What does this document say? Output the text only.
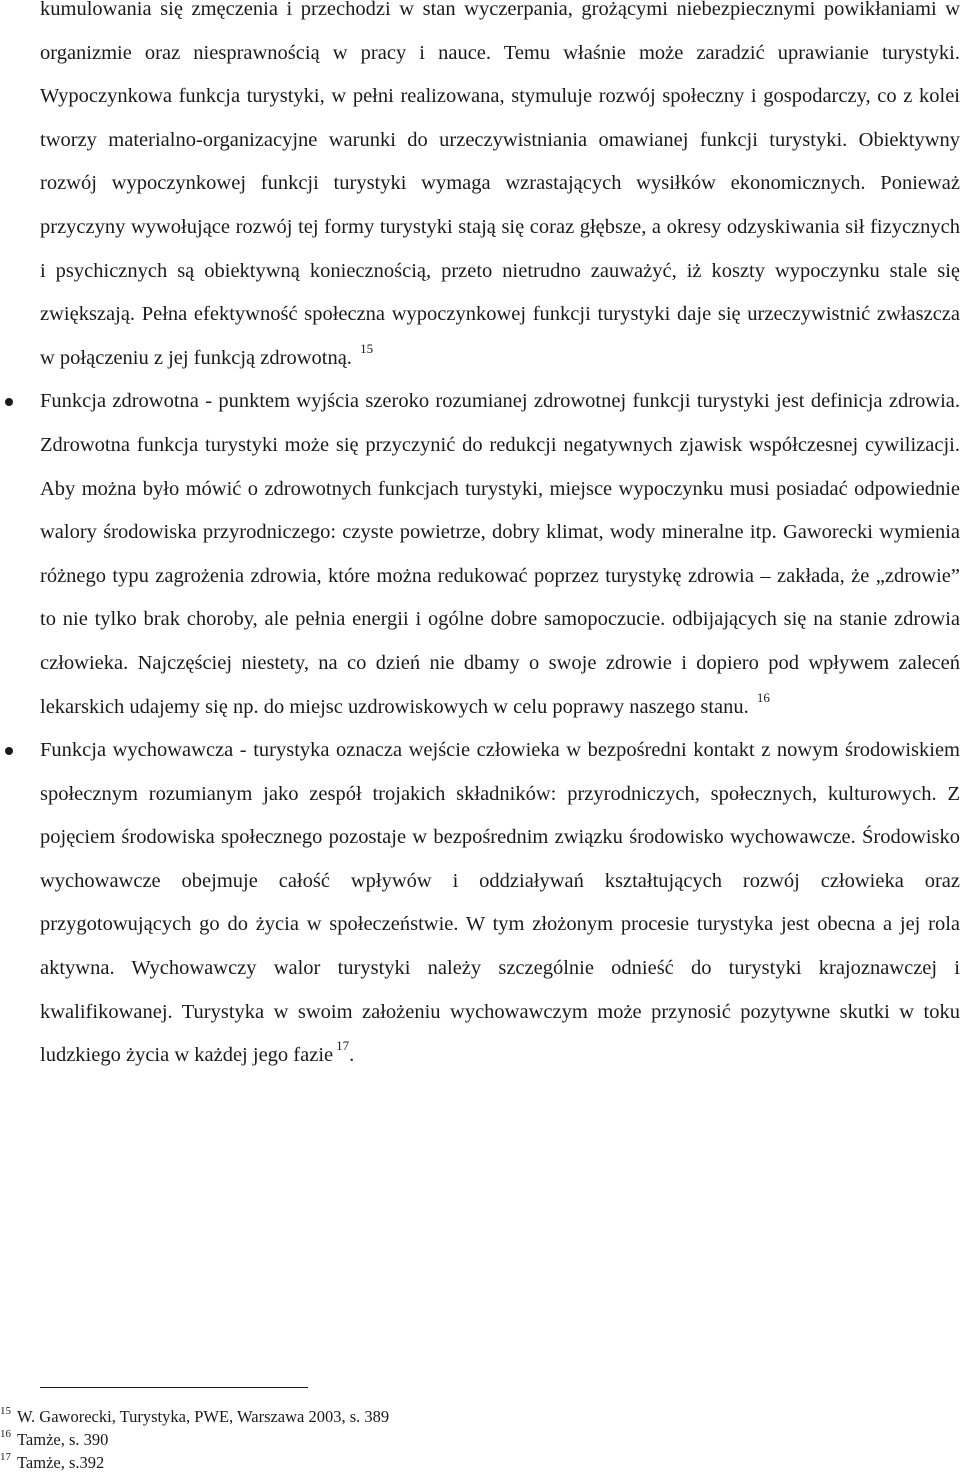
kumulowania się zmęczenia i przechodzi w stan wyczerpania, grożącymi niebezpiecznymi powikłaniami w organizmie oraz niesprawnością w pracy i nauce. Temu właśnie może zaradzić uprawianie turystyki. Wypoczynkowa funkcja turystyki, w pełni realizowana, stymuluje rozwój społeczny i gospodarczy, co z kolei tworzy materialno-organizacyjne warunki do urzeczywistniania omawianej funkcji turystyki. Obiektywny rozwój wypoczynkowej funkcji turystyki wymaga wzrastających wysiłków ekonomicznych. Ponieważ przyczyny wywołujące rozwój tej formy turystyki stają się coraz głębsze, a okresy odzyskiwania sił fizycznych i psychicznych są obiektywną koniecznością, przeto nietrudno zauważyć, iż koszty wypoczynku stale się zwiększają. Pełna efektywność społeczna wypoczynkowej funkcji turystyki daje się urzeczywistnić zwłaszcza w połączeniu z jej funkcją zdrowotną. $^{15}$

Funkcja zdrowotna - punktem wyjścia szeroko rozumianej zdrowotnej funkcji turystyki jest definicja zdrowia. Zdrowotna funkcja turystyki może się przyczynić do redukcji negatywnych zjawisk współczesnej cywilizacji. Aby można było mówić o zdrowotnych funkcjach turystyki, miejsce wypoczynku musi posiadać odpowiednie walory środowiska przyrodniczego: czyste powietrze, dobry klimat, wody mineralne itp. Gaworecki wymienia różnego typu zagrożenia zdrowia, które można redukować poprzez turystykę zdrowia – zakłada, że „zdrowie” to nie tylko brak choroby, ale pełnia energii i ogólne dobre samopoczucie. odbijających się na stanie zdrowia człowieka. Najczęściej niestety, na co dzień nie dbamy o swoje zdrowie i dopiero pod wpływem zaleceń lekarskich udajemy się np. do miejsc uzdrowiskowych w celu poprawy naszego stanu. $^{16}$

Funkcja wychowawcza - turystyka oznacza wejście człowieka w bezpośredni kontakt z nowym środowiskiem społecznym rozumianym jako zespół trojakich składników: przyrodniczych, społecznych, kulturowych. Z pojęciem środowiska społecznego pozostaje w bezpośrednim związku środowisko wychowawcze. Środowisko wychowawcze obejmuje całość wpływów i oddziaływań kształtujących rozwój człowieka oraz przygotowujących go do życia w społeczeństwie. W tym złożonym procesie turystyka jest obecna a jej rola aktywna. Wychowawczy walor turystyki należy szczególnie odnieść do turystyki krajoznawczej i kwalifikowanej. Turystyka w swoim założeniu wychowawczym może przynosić pozytywne skutki w toku ludzkiego życia w każdej jego fazie $^{17}$.

$^{15}$ W. Gaworecki, Turystyka, PWE, Warszawa 2003, s. 389
$^{16}$ Tamże, s. 390
$^{17}$ Tamże, s.392
